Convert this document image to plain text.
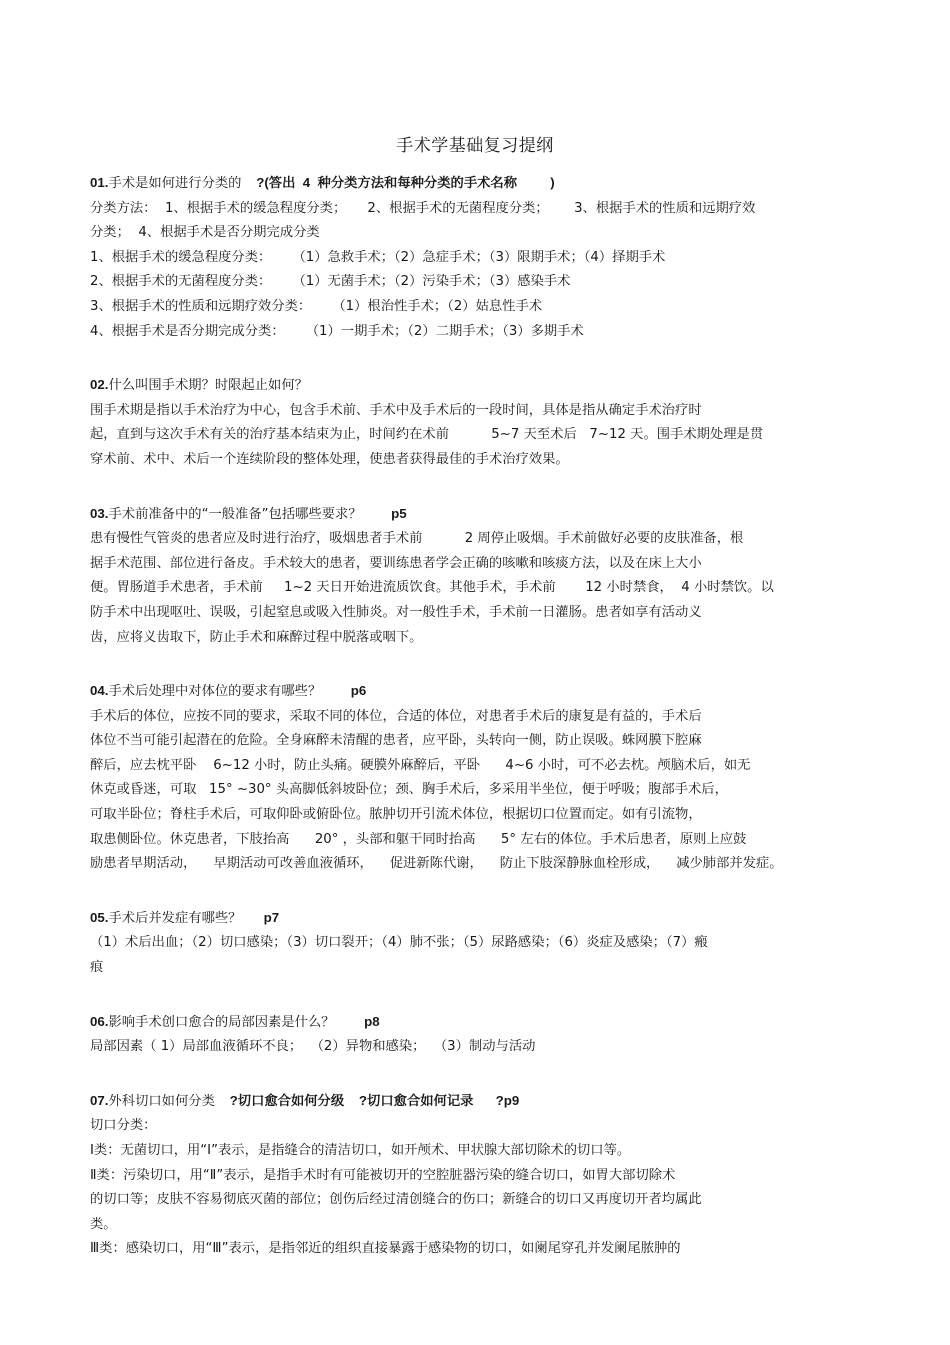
手术学基础复习提纲
01.手术是如何进行分类的    ?(答出  4  种分类方法和每种分类的手术名称         )
分类方法：  1、根据手术的缓急程度分类；     2、根据手术的无菌程度分类；      3、根据手术的性质和远期疗效
分类；  4、根据手术是否分期完成分类
1、根据手术的缓急程度分类：     （1）急救手术；（2）急症手术；（3）限期手术；（4）择期手术
2、根据手术的无菌程度分类：     （1）无菌手术；（2）污染手术；（3）感染手术
3、根据手术的性质和远期疗效分类：     （1）根治性手术；（2）姑息性手术
4、根据手术是否分期完成分类：     （1）一期手术；（2）二期手术；（3）多期手术
02.什么叫围手术期？时限起止如何？
围手术期是指以手术治疗为中心，包含手术前、手术中及手术后的一段时间，具体是指从确定手术治疗时
起，直到与这次手术有关的治疗基本结束为止，时间约在术前          5~7 天至术后   7~12 天。围手术期处理是贯
穿术前、术中、术后一个连续阶段的整体处理，使患者获得最佳的手术治疗效果。
03.手术前准备中的“一般准备”包括哪些要求？        p5
患有慢性气管炎的患者应及时进行治疗，吸烟患者手术前          2 周停止吸烟。手术前做好必要的皮肤准备，根
据手术范围、部位进行备皮。手术较大的患者，要训练患者学会正确的咳嗽和咳痰方法，以及在床上大小
便。胃肠道手术患者，手术前     1~2 天日开始进流质饮食。其他手术，手术前       12 小时禁食，  4 小时禁饮。以
防手术中出现呕吐、误吸，引起窒息或吸入性肺炎。对一般性手术，手术前一日灌肠。患者如享有活动义
齿，应将义齿取下，防止手术和麻醉过程中脱落或咽下。
04.手术后处理中对体位的要求有哪些？        p6
手术后的体位，应按不同的要求，采取不同的体位，合适的体位，对患者手术后的康复是有益的，手术后
体位不当可能引起潜在的危险。全身麻醉未清醒的患者，应平卧，头转向一侧，防止误吸。蛛网膜下腔麻
醉后，应去枕平卧    6~12 小时，防止头痛。硬膜外麻醉后，平卧      4~6 小时，可不必去枕。颅脑术后，如无
休克或昏迷，可取   15° ~30° 头高脚低斜坡卧位；颈、胸手术后，多采用半坐位，便于呼吸；腹部手术后，
可取半卧位；脊柱手术后，可取仰卧或俯卧位。脓肿切开引流术体位，根据切口位置而定。如有引流物，
取患侧卧位。休克患者，下肢抬高      20° ，头部和躯干同时抬高      5° 左右的体位。手术后患者，原则上应鼓
励患者早期活动，    早期活动可改善血液循环，    促进新陈代谢，    防止下肢深静脉血栓形成，    减少肺部并发症。
05.手术后并发症有哪些？      p7
（1）术后出血；（2）切口感染；（3）切口裂开；（4）肺不张；（5）尿路感染；（6）炎症及感染；（7）瘢
痕
06.影响手术创口愈合的局部因素是什么？        p8
局部因素（ 1）局部血液循环不良；  （2）异物和感染；  （3）制动与活动
07.外科切口如何分类    ?切口愈合如何分级    ?切口愈合如何记录      ?p9
切口分类：
Ⅰ类：无菌切口，用“Ⅰ”表示，是指缝合的清洁切口，如开颅术、甲状腺大部切除术的切口等。
Ⅱ类：污染切口，用“Ⅱ”表示，是指手术时有可能被切开的空腔脏器污染的缝合切口，如胃大部切除术
的切口等；皮肤不容易彻底灭菌的部位；创伤后经过清创缝合的伤口；新缝合的切口又再度切开者均属此
类。
Ⅲ类：感染切口，用“Ⅲ”表示，是指邻近的组织直接暴露于感染物的切口，如阑尾穿孔并发阑尾脓肿的
